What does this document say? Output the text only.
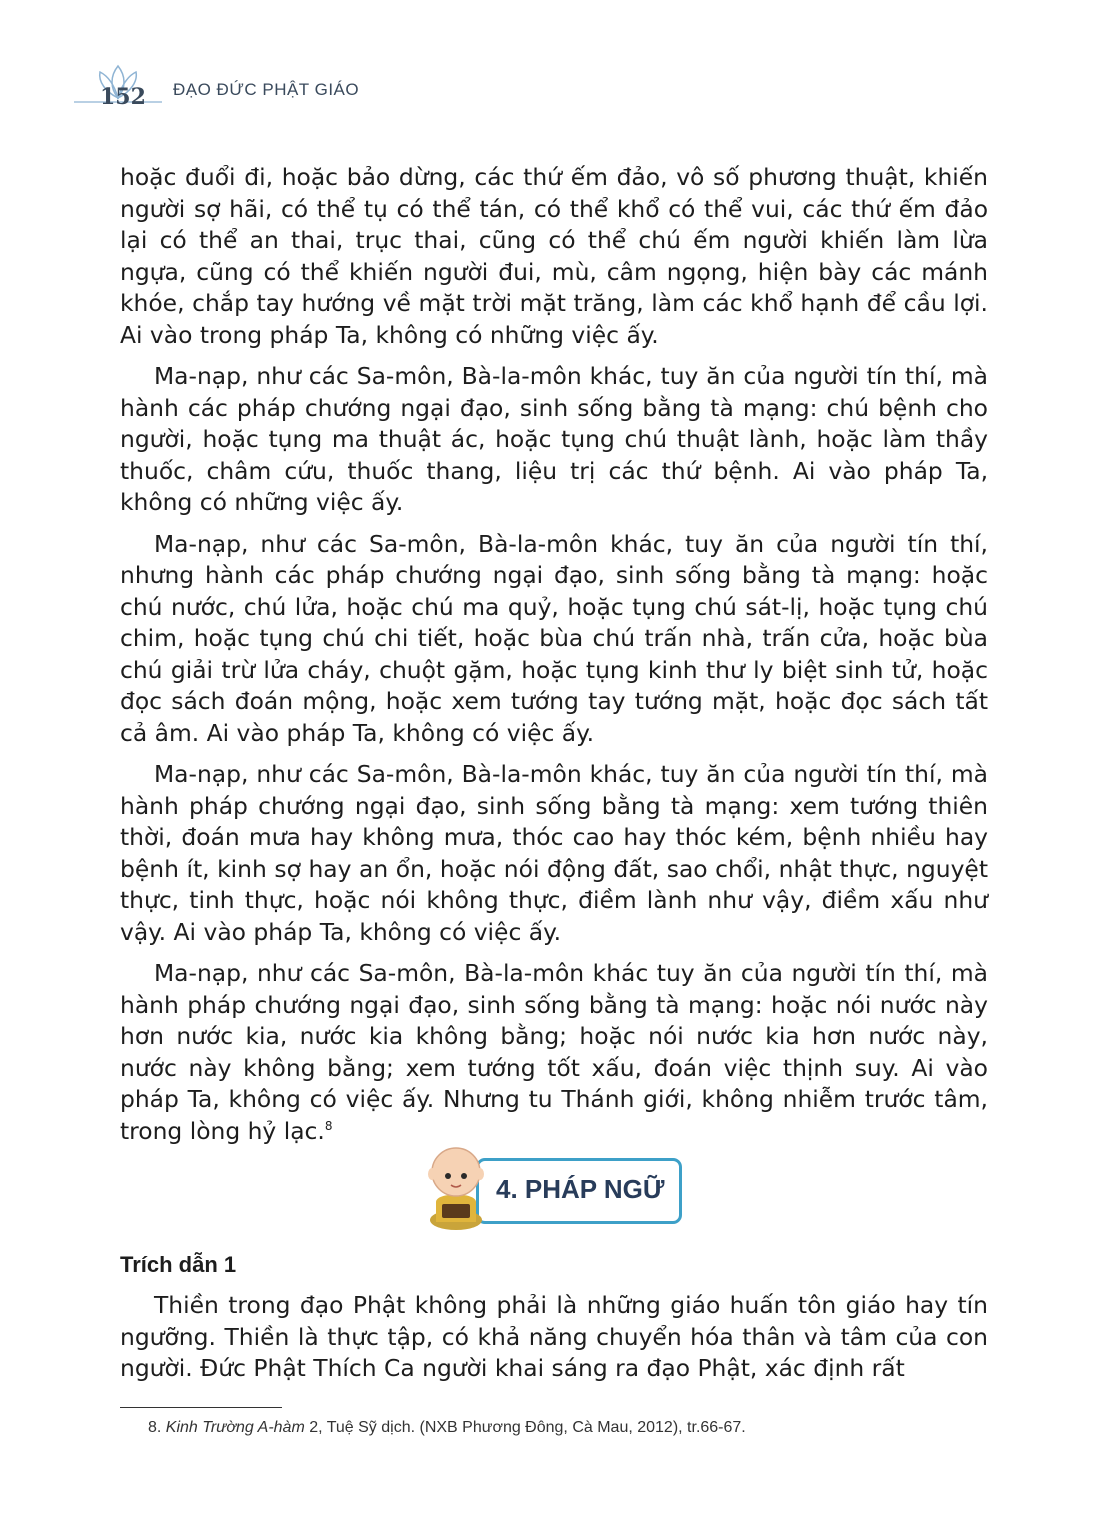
152 ĐẠO ĐỨC PHẬT GIÁO

hoặc đuổi đi, hoặc bảo dừng, các thứ ếm đảo, vô số phương thuật, khiến người sợ hãi, có thể tụ có thể tán, có thể khổ có thể vui, các thứ ếm đảo lại có thể an thai, trục thai, cũng có thể chú ếm người khiến làm lừa ngựa, cũng có thể khiến người đui, mù, câm ngọng, hiện bày các mánh khóe, chắp tay hướng về mặt trời mặt trăng, làm các khổ hạnh để cầu lợi. Ai vào trong pháp Ta, không có những việc ấy.

Ma-nạp, như các Sa-môn, Bà-la-môn khác, tuy ăn của người tín thí, mà hành các pháp chướng ngại đạo, sinh sống bằng tà mạng: chú bệnh cho người, hoặc tụng ma thuật ác, hoặc tụng chú thuật lành, hoặc làm thầy thuốc, châm cứu, thuốc thang, liệu trị các thứ bệnh. Ai vào pháp Ta, không có những việc ấy.

Ma-nạp, như các Sa-môn, Bà-la-môn khác, tuy ăn của người tín thí, nhưng hành các pháp chướng ngại đạo, sinh sống bằng tà mạng: hoặc chú nước, chú lửa, hoặc chú ma quỷ, hoặc tụng chú sát-lị, hoặc tụng chú chim, hoặc tụng chú chi tiết, hoặc bùa chú trấn nhà, trấn cửa, hoặc bùa chú giải trừ lửa cháy, chuột gặm, hoặc tụng kinh thư ly biệt sinh tử, hoặc đọc sách đoán mộng, hoặc xem tướng tay tướng mặt, hoặc đọc sách tất cả âm. Ai vào pháp Ta, không có việc ấy.

Ma-nạp, như các Sa-môn, Bà-la-môn khác, tuy ăn của người tín thí, mà hành pháp chướng ngại đạo, sinh sống bằng tà mạng: xem tướng thiên thời, đoán mưa hay không mưa, thóc cao hay thóc kém, bệnh nhiều hay bệnh ít, kinh sợ hay an ổn, hoặc nói động đất, sao chổi, nhật thực, nguyệt thực, tinh thực, hoặc nói không thực, điềm lành như vậy, điềm xấu như vậy. Ai vào pháp Ta, không có việc ấy.

Ma-nạp, như các Sa-môn, Bà-la-môn khác tuy ăn của người tín thí, mà hành pháp chướng ngại đạo, sinh sống bằng tà mạng: hoặc nói nước này hơn nước kia, nước kia không bằng; hoặc nói nước kia hơn nước này, nước này không bằng; xem tướng tốt xấu, đoán việc thịnh suy. Ai vào pháp Ta, không có việc ấy. Nhưng tu Thánh giới, không nhiễm trước tâm, trong lòng hỷ lạc.$^8$

4. PHÁP NGỮ
Trích dẫn 1
Thiền trong đạo Phật không phải là những giáo huấn tôn giáo hay tín ngưỡng. Thiền là thực tập, có khả năng chuyển hóa thân và tâm của con người. Đức Phật Thích Ca người khai sáng ra đạo Phật, xác định rất
8. Kinh Trường A-hàm 2, Tuệ Sỹ dịch. (NXB Phương Đông, Cà Mau, 2012), tr.66-67.
